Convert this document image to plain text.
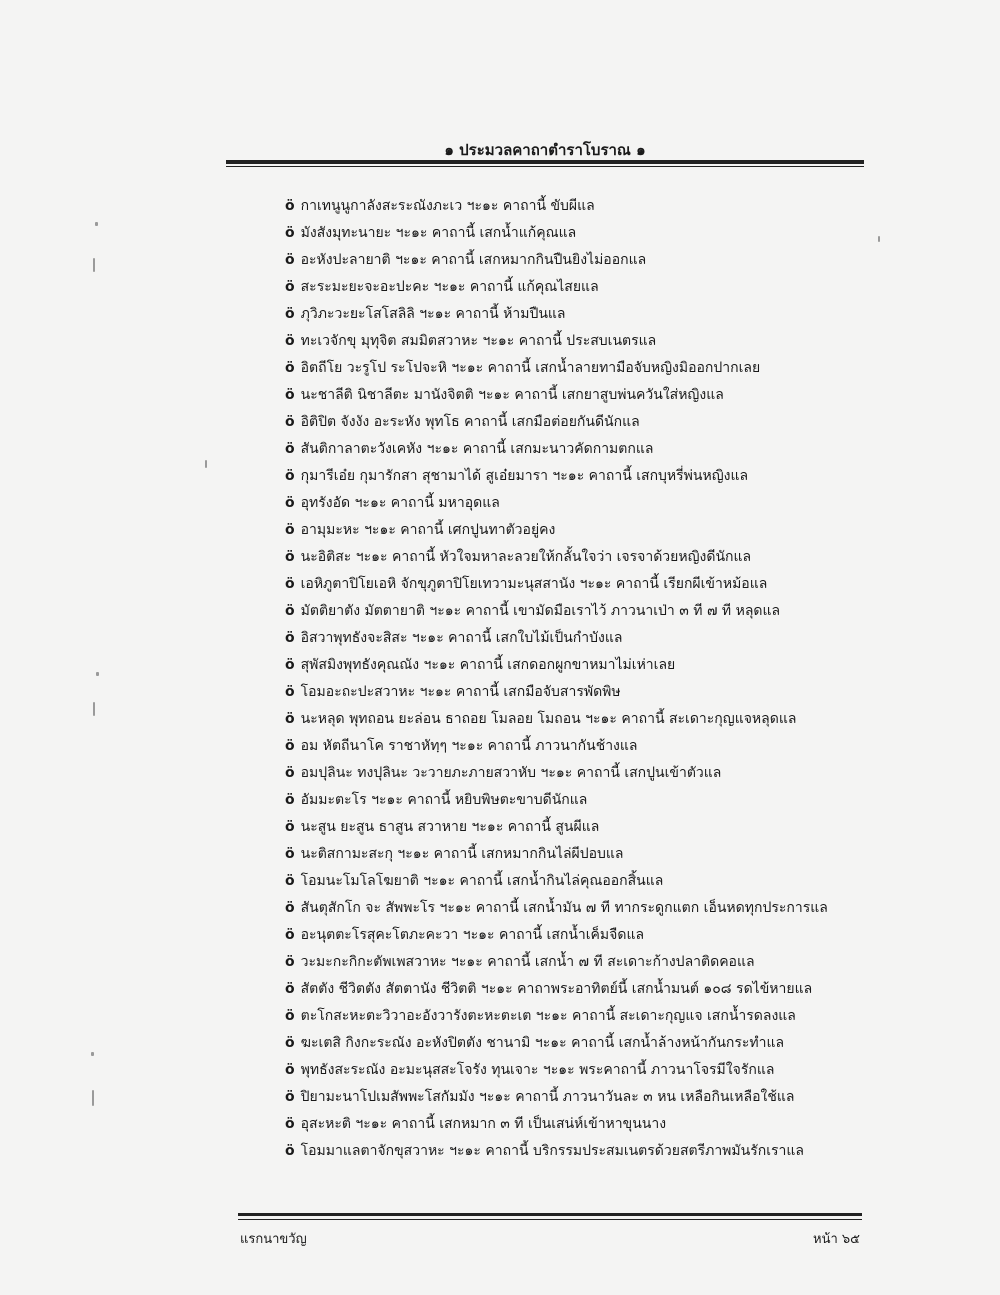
๑ ประมวลคาถาตำราโบราณ ๑
ö กาเทนูนูกาลังสะระณังภะเว ฯะ๑ะ คาถานี้ ขับผีแล
ö มังสังมุทะนายะ ฯะ๑ะ คาถานี้ เสกน้ำแก้คุณแล
ö อะหังปะลายาติ ฯะ๑ะ คาถานี้ เสกหมากกินปืนยิงไม่ออกแล
ö สะระมะยะจะอะปะคะ ฯะ๑ะ คาถานี้ แก้คุณไสยแล
ö ภุวิภะวะยะโสโสลิลิ ฯะ๑ะ คาถานี้ ห้ามปืนแล
ö ทะเวจักขุ มุทุจิต สมมิตสวาหะ ฯะ๑ะ คาถานี้ ประสบเนตรแล
ö อิตถีโย วะรูโป ระโปจะหิ ฯะ๑ะ คาถานี้ เสกน้ำลายทามือจับหญิงมิออกปากเลย
ö นะชาลีติ นิชาลีตะ มานังจิตติ ฯะ๑ะ คาถานี้ เสกยาสูบพ่นควันใส่หญิงแล
ö อิติปิต จังงัง อะระหัง พุทโธ คาถานี้ เสกมือต่อยกันดีนักแล
ö สันติกาลาตะวังเคหัง ฯะ๑ะ คาถานี้ เสกมะนาวคัดกามตกแล
ö กุมารีเอ๋ย กุมารักสา สุชามาได้ สูเอ๋ยมารา ฯะ๑ะ คาถานี้ เสกบุหรี่พ่นหญิงแล
ö อุทรังอัด ฯะ๑ะ คาถานี้ มหาอุดแล
ö อามุมะหะ ฯะ๑ะ คาถานี้ เศกปูนทาตัวอยู่คง
ö นะอิติสะ ฯะ๑ะ คาถานี้ หัวใจมหาละลวยให้กลั้นใจว่า เจรจาด้วยหญิงดีนักแล
ö เอหิภูตาปิโยเอหิ จักขุภูตาปิโยเทวามะนุสสานัง ฯะ๑ะ คาถานี้ เรียกผีเข้าหม้อแล
ö มัตติยาตัง มัตตายาติ ฯะ๑ะ คาถานี้ เขามัดมือเราไว้ ภาวนาเป่า ๓ ที ๗ ที หลุดแล
ö อิสวาพุทธังจะสิสะ ฯะ๑ะ คาถานี้ เสกใบไม้เป็นกำบังแล
ö สุพัสมิงพุทธังคุณณัง ฯะ๑ะ คาถานี้ เสกดอกผูกขาหมาไม่เห่าเลย
ö โอมอะถะปะสวาหะ ฯะ๑ะ คาถานี้ เสกมือจับสารพัดพิษ
ö นะหลุด พุทถอน ยะล่อน ธาถอย โมลอย โมถอน ฯะ๑ะ คาถานี้ สะเดาะกุญแจหลุดแล
ö อม หัตถีนาโค ราชาหัทฺๆ ฯะ๑ะ คาถานี้ ภาวนากันช้างแล
ö อมปุลินะ ทงปุลินะ วะวายภะภายสวาหับ ฯะ๑ะ คาถานี้ เสกปูนเข้าตัวแล
ö อัมมะตะโร ฯะ๑ะ คาถานี้ หยิบพิษตะขาบดีนักแล
ö นะสูน ยะสูน ธาสูน สวาหาย ฯะ๑ะ คาถานี้ สูนผีแล
ö นะติสกามะสะกุ ฯะ๑ะ คาถานี้ เสกหมากกินไล่ผีปอบแล
ö โอมนะโมโลโฆยาติ ฯะ๑ะ คาถานี้ เสกน้ำกินไล่คุณออกสิ้นแล
ö สันตุสักโก จะ สัพพะโร ฯะ๑ะ คาถานี้ เสกน้ำมัน ๗ ที ทากระดูกแตก เอ็นหดทุกประการแล
ö อะนุตตะโรสุคะโตภะคะวา ฯะ๑ะ คาถานี้ เสกน้ำเค็มจืดแล
ö วะมะกะกิกะตัพเพสวาหะ ฯะ๑ะ คาถานี้ เสกน้ำ ๗ ที สะเดาะก้างปลาติดคอแล
ö สัตตัง ชีวิตตัง สัตตานัง ชีวิตติ ฯะ๑ะ คาถาพระอาทิตย์นี้ เสกน้ำมนต์ ๑๐๘ รดไข้หายแล
ö ตะโกสะหะตะวิวาอะอังวารังตะหะตะเต ฯะ๑ะ คาถานี้ สะเดาะกุญแจ เสกน้ำรดลงแล
ö ฆะเตสิ กิงกะระณัง อะหังปิตตัง ชานามิ ฯะ๑ะ คาถานี้ เสกน้ำล้างหน้ากันกระทำแล
ö พุทธังสะระณัง อะมะนุสสะโจรัง ทุนเจาะ ฯะ๑ะ พระคาถานี้ ภาวนาโจรมีใจรักแล
ö ปิยามะนาโปเมสัพพะโสกัมมัง ฯะ๑ะ คาถานี้ ภาวนาวันละ ๓ หน เหลือกินเหลือใช้แล
ö อุสะหะติ ฯะ๑ะ คาถานี้ เสกหมาก ๓ ที เป็นเสน่ห์เข้าหาขุนนาง
ö โอมมาแลตาจักขุสวาหะ ฯะ๑ะ คาถานี้ บริกรรมประสมเนตรด้วยสตรีภาพมันรักเราแล
แรกนาขวัญ	หน้า ๖๕
